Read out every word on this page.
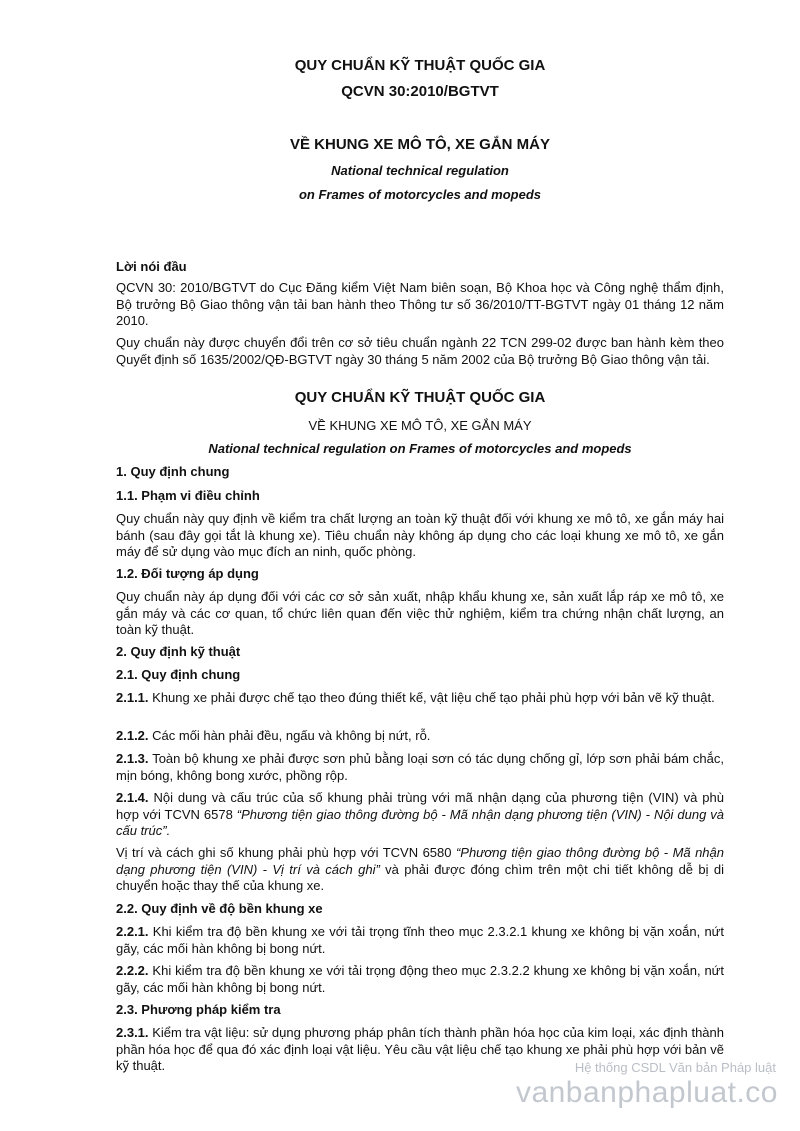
QUY CHUẨN KỸ THUẬT QUỐC GIA
QCVN 30:2010/BGTVT
VỀ KHUNG XE MÔ TÔ, XE GẮN MÁY
National technical regulation
on Frames of motorcycles and mopeds
Lời nói đầu

QCVN 30: 2010/BGTVT do Cục Đăng kiểm Việt Nam biên soạn, Bộ Khoa học và Công nghệ thẩm định, Bộ trưởng Bộ Giao thông vận tải ban hành theo Thông tư số 36/2010/TT-BGTVT ngày 01 tháng 12 năm 2010.

Quy chuẩn này được chuyển đổi trên cơ sở tiêu chuẩn ngành 22 TCN 299-02 được ban hành kèm theo Quyết định số 1635/2002/QĐ-BGTVT ngày 30 tháng 5 năm 2002 của Bộ trưởng Bộ Giao thông vận tải.

QUY CHUẨN KỸ THUẬT QUỐC GIA
VỀ KHUNG XE MÔ TÔ, XE GẮN MÁY
National technical regulation on Frames of motorcycles and mopeds
1. Quy định chung
1.1. Phạm vi điều chỉnh

Quy chuẩn này quy định về kiểm tra chất lượng an toàn kỹ thuật đối với khung xe mô tô, xe gắn máy hai bánh (sau đây gọi tắt là khung xe). Tiêu chuẩn này không áp dụng cho các loại khung xe mô tô, xe gắn máy để sử dụng vào mục đích an ninh, quốc phòng.

1.2. Đối tượng áp dụng

Quy chuẩn này áp dụng đối với các cơ sở sản xuất, nhập khẩu khung xe, sản xuất lắp ráp xe mô tô, xe gắn máy và các cơ quan, tổ chức liên quan đến việc thử nghiệm, kiểm tra chứng nhận chất lượng, an toàn kỹ thuật.

2. Quy định kỹ thuật
2.1. Quy định chung

2.1.1. Khung xe phải được chế tạo theo đúng thiết kế, vật liệu chế tạo phải phù hợp với bản vẽ kỹ thuật.

2.1.2. Các mối hàn phải đều, ngấu và không bị nứt, rỗ.

2.1.3. Toàn bộ khung xe phải được sơn phủ bằng loại sơn có tác dụng chống gỉ, lớp sơn phải bám chắc, mịn bóng, không bong xước, phồng rộp.

2.1.4. Nội dung và cấu trúc của số khung phải trùng với mã nhận dạng của phương tiện (VIN) và phù hợp với TCVN 6578 “Phương tiện giao thông đường bộ - Mã nhận dạng phương tiện (VIN) - Nội dung và cấu trúc”.

Vị trí và cách ghi số khung phải phù hợp với TCVN 6580 “Phương tiện giao thông đường bộ - Mã nhận dạng phương tiện (VIN) - Vị trí và cách ghi” và phải được đóng chìm trên một chi tiết không dễ bị di chuyển hoặc thay thế của khung xe.

2.2. Quy định về độ bền khung xe

2.2.1. Khi kiểm tra độ bền khung xe với tải trọng tĩnh theo mục 2.3.2.1 khung xe không bị vặn xoắn, nứt gãy, các mối hàn không bị bong nứt.

2.2.2. Khi kiểm tra độ bền khung xe với tải trọng động theo mục 2.3.2.2 khung xe không bị vặn xoắn, nứt gãy, các mối hàn không bị bong nứt.

2.3. Phương pháp kiểm tra

2.3.1. Kiểm tra vật liệu: sử dụng phương pháp phân tích thành phần hóa học của kim loại, xác định thành phần hóa học để qua đó xác định loại vật liệu. Yêu cầu vật liệu chế tạo khung xe phải phù hợp với bản vẽ kỹ thuật.	Hệ thống CSDL Văn bản Pháp luật
vanbanphapluat.co
